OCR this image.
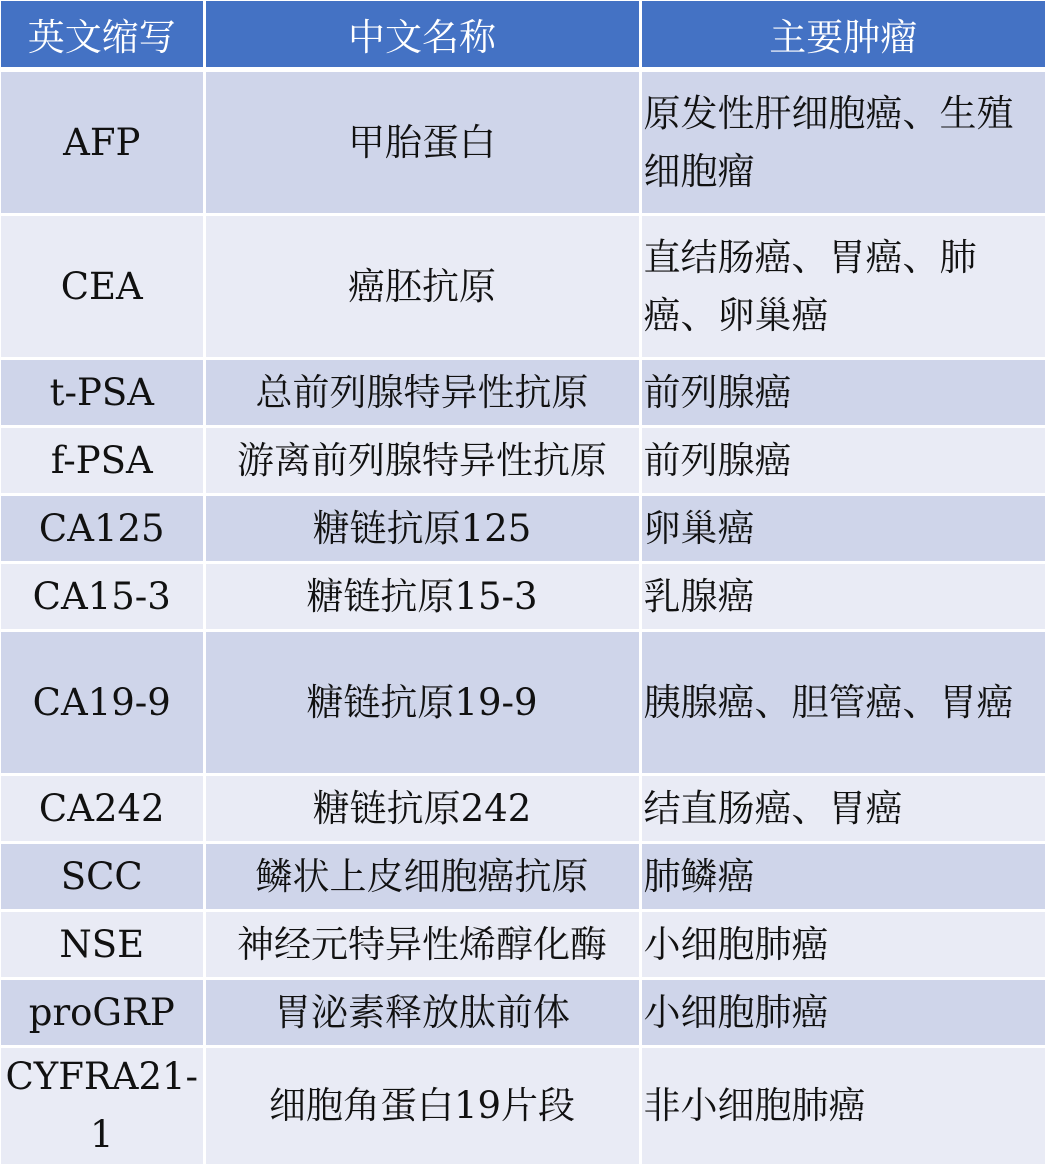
英文缩写	中文名称	主要肿瘤
AFP	甲胎蛋白	原发性肝细胞癌、生殖细胞瘤
CEA	癌胚抗原	直结肠癌、胃癌、肺癌、卵巢癌
t-PSA	总前列腺特异性抗原	前列腺癌
f-PSA	游离前列腺特异性抗原	前列腺癌
CA125	糖链抗原125	卵巢癌
CA15-3	糖链抗原15-3	乳腺癌
CA19-9	糖链抗原19-9	胰腺癌、胆管癌、胃癌
CA242	糖链抗原242	结直肠癌、胃癌
SCC	鳞状上皮细胞癌抗原	肺鳞癌
NSE	神经元特异性烯醇化酶	小细胞肺癌
proGRP	胃泌素释放肽前体	小细胞肺癌
CYFRA21-1	细胞角蛋白19片段	非小细胞肺癌
